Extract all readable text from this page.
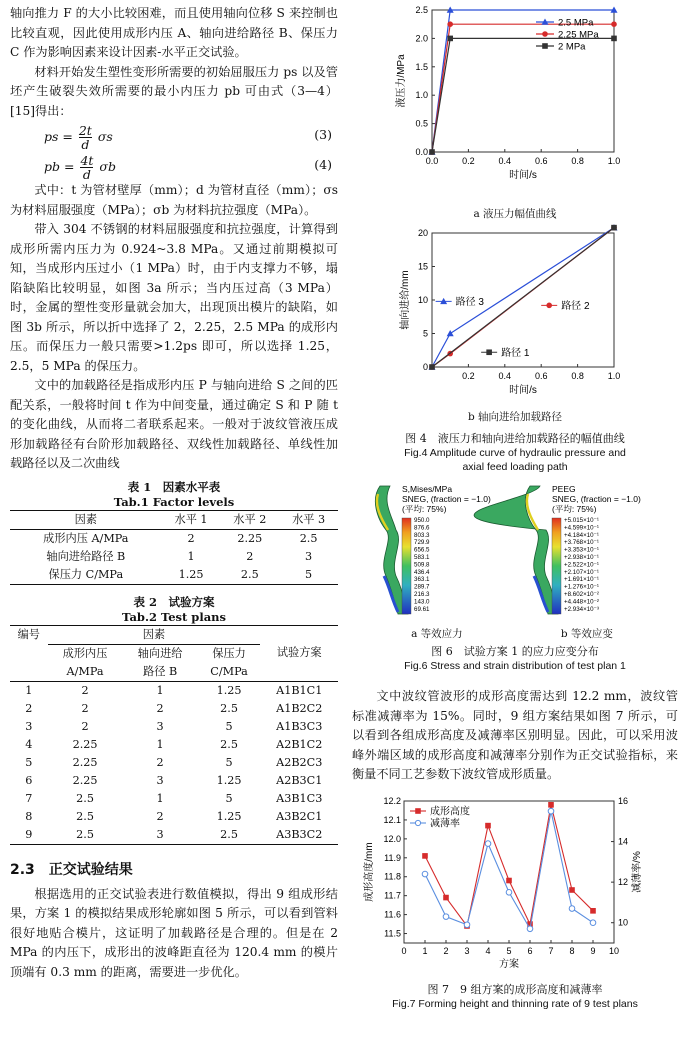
轴向推力 F 的大小比较困难，而且使用轴向位移 S 来控制也比较直观，因此使用成形内压 A、轴向进给路径 B、保压力 C 作为影响因素来设计因素-水平正交试验。

材料开始发生塑性变形所需要的初始屈服压力 ps 以及管坯产生破裂失效所需要的最小内压力 pb 可由式（3—4）[15]得出：

ps = $\frac{2t}{d}$ σs	(3)
pb = $\frac{4t}{d}$ σb	(4)

式中：t 为管材壁厚（mm）；d 为管材直径（mm）；σs 为材料屈服强度（MPa）；σb 为材料抗拉强度（MPa）。

带入 304 不锈钢的材料屈服强度和抗拉强度，计算得到成形所需内压力为 0.924~3.8 MPa。又通过前期模拟可知，当成形内压过小（1 MPa）时，由于内支撑力不够，塌陷缺陷比较明显，如图 3a 所示；当内压过高（3 MPa）时，金属的塑性变形量就会加大，出现顶出模片的缺陷，如图 3b 所示，所以折中选择了 2，2.25，2.5 MPa 的成形内压。而保压力一般只需要>1.2ps 即可，所以选择 1.25，2.5，5 MPa 的保压力。

文中的加载路径是指成形内压 P 与轴向进给 S 之间的匹配关系，一般将时间 t 作为中间变量，通过确定 S 和 P 随 t 的变化曲线，从而将二者联系起来。一般对于波纹管液压成形加载路径有台阶形加载路径、双线性加载路径、单线性加载路径以及二次曲线

表 1　因素水平表

Tab.1 Factor levels

因素	水平 1	水平 2	水平 3
成形内压 A/MPa	2	2.25	2.5
轴向进给路径 B	1	2	3
保压力 C/MPa	1.25	2.5	5

表 2　试验方案

Tab.2 Test plans

编号	因素			试验方案
	成形内压	轴向进给	保压力	
	A/MPa	路径 B	C/MPa	
1	2	1	1.25	A1B1C1
2	2	2	2.5	A1B2C2
3	2	3	5	A1B3C3
4	2.25	1	2.5	A2B1C2
5	2.25	2	5	A2B2C3
6	2.25	3	1.25	A2B3C1
7	2.5	1	5	A3B1C3
8	2.5	2	1.25	A3B2C1
9	2.5	3	2.5	A3B3C2
2.3　正交试验结果

根据选用的正交试验表进行数值模拟，得出 9 组成形结果，方案 1 的模拟结果成形轮廓如图 5 所示，可以看到管料很好地贴合模片，这证明了加载路径是合理的。但是在 2 MPa 的内压下，成形出的波峰距直径为 120.4 mm 的模片顶端有 0.3 mm 的距离，需要进一步优化。

0.0	0.2	0.4	0.6	0.8	1.0
0.0
0.5
1.0
1.5
2.0
2.5
时间/s
液压力/MPa
2.5 MPa
2.25 MPa
2 MPa
a 液压力幅值曲线
0.2	0.4	0.6	0.8	1.0
0
5
10
15
20
时间/s
轴向进给/mm	路径 3	路径 2
路径 1
b 轴向进给加载路径
图 4　液压力和轴向进给加载路径的幅值曲线
Fig.4 Amplitude curve of hydraulic pressure and
axial feed loading path
S,Mises/MPa
SNEG, (fraction = −1.0)
(平均: 75%)
950.0
876.6
803.3
729.9
656.5
583.1
509.8
436.4
363.1
289.7
216.3
143.0
69.61
PEEG
SNEG, (fraction = −1.0)
(平均: 75%)
+5.015×10⁻¹
+4.599×10⁻¹
+4.184×10⁻¹
+3.768×10⁻¹
+3.353×10⁻¹
+2.938×10⁻¹
+2.522×10⁻¹
+2.107×10⁻¹
+1.691×10⁻¹
+1.276×10⁻¹
+8.602×10⁻²
+4.448×10⁻²
+2.934×10⁻³
a 等效应力	b 等效应变
图 6　试验方案 1 的应力应变分布
Fig.6 Stress and strain distribution of test plan 1

文中波纹管波形的成形高度需达到 12.2 mm，波纹管标准减薄率为 15%。同时，9 组方案结果如图 7 所示，可以看到各组成形高度及减薄率区别明显。因此，可以采用波峰外端区域的成形高度和减薄率分别作为正交试验指标，来衡量不同工艺参数下波纹管成形质量。

0 1 2 3 4 5 6 7 8 9 10
11.5
11.6
11.7
11.8
11.9
12.0
12.1
12.2
10
12
14
16
方案
成形高度/mm	减薄率/%
成形高度
减薄率
图 7　9 组方案的成形高度和减薄率
Fig.7 Forming height and thinning rate of 9 test plans
